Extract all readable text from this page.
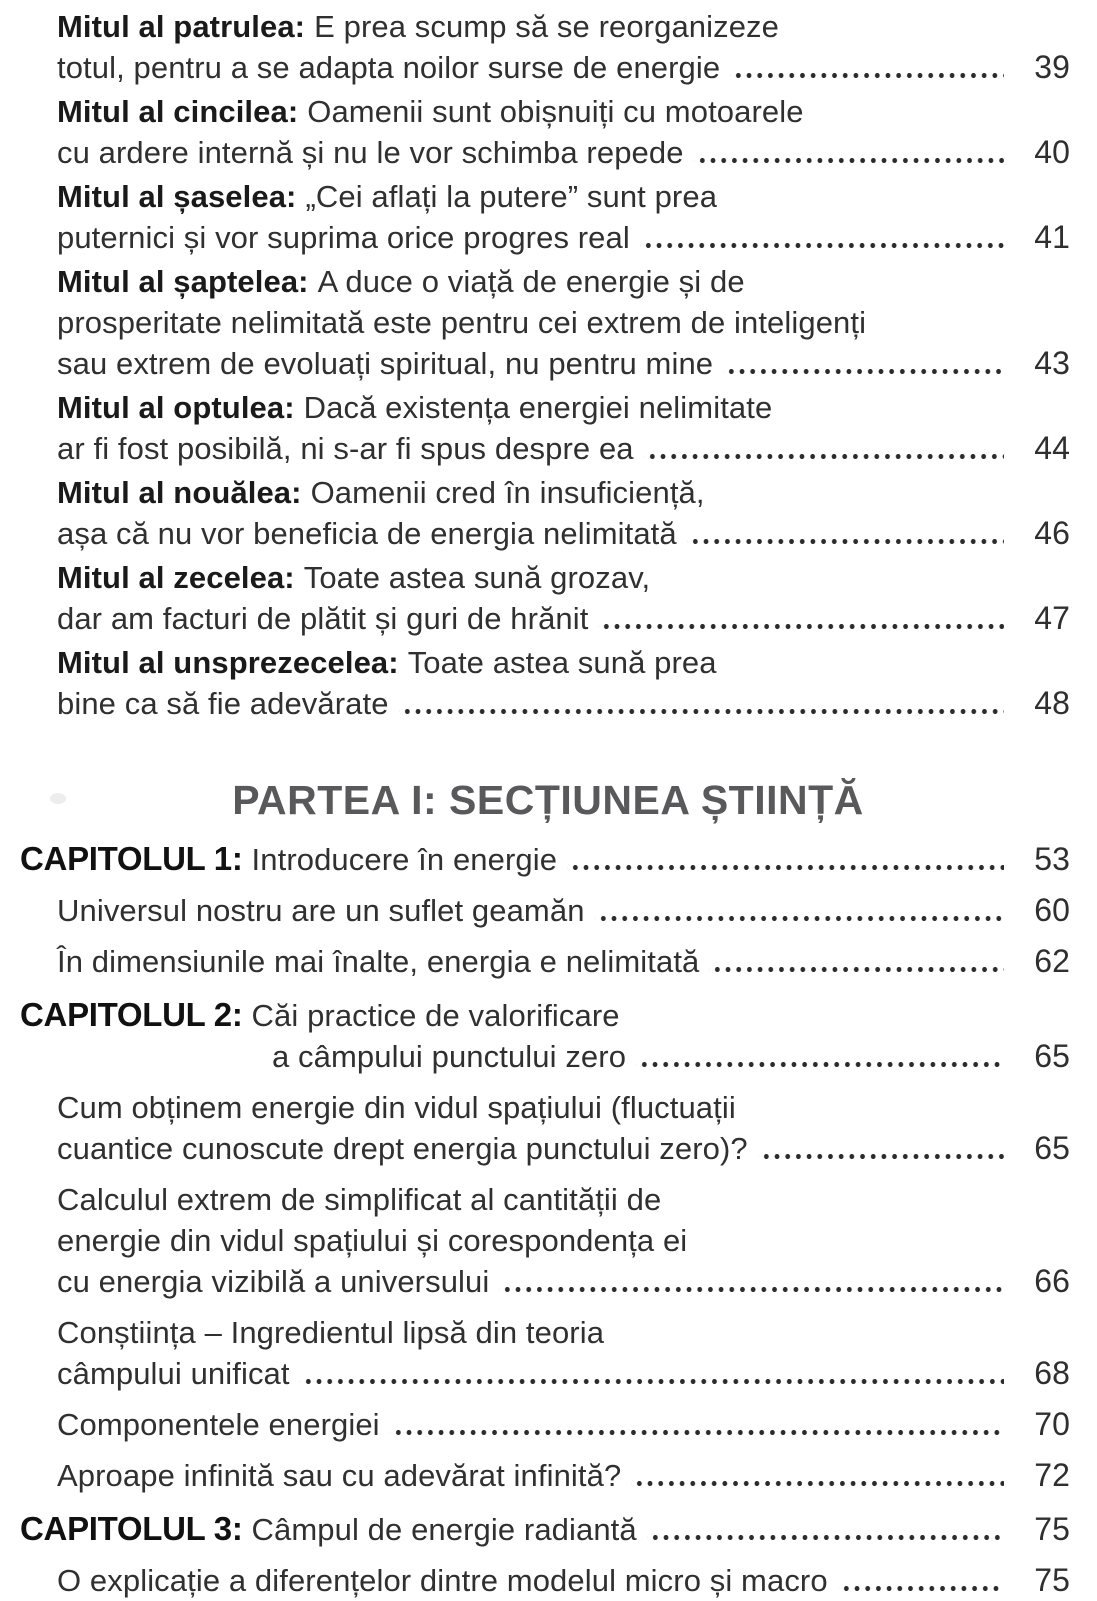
Mitul al patrulea: E prea scump să se reorganizeze
totul, pentru a se adapta noilor surse de energie	39
Mitul al cincilea: Oamenii sunt obișnuiți cu motoarele
cu ardere internă și nu le vor schimba repede	40
Mitul al șaselea: „Cei aflați la putere” sunt prea
puternici și vor suprima orice progres real	41
Mitul al șaptelea: A duce o viață de energie și de
prosperitate nelimitată este pentru cei extrem de inteligenți
sau extrem de evoluați spiritual, nu pentru mine	43
Mitul al optulea: Dacă existența energiei nelimitate
ar fi fost posibilă, ni s-ar fi spus despre ea	44
Mitul al nouălea: Oamenii cred în insuficiență,
așa că nu vor beneficia de energia nelimitată	46
Mitul al zecelea: Toate astea sună grozav,
dar am facturi de plătit și guri de hrănit	47
Mitul al unsprezecelea: Toate astea sună prea
bine ca să fie adevărate	48
PARTEA I: SECȚIUNEA ȘTIINȚĂ
CAPITOLUL 1: Introducere în energie	53
Universul nostru are un suflet geamăn	60
În dimensiunile mai înalte, energia e nelimitată	62
CAPITOLUL 2: Căi practice de valorificare
a câmpului punctului zero	65
Cum obținem energie din vidul spațiului (fluctuații
cuantice cunoscute drept energia punctului zero)?	65
Calculul extrem de simplificat al cantității de
energie din vidul spațiului și corespondența ei
cu energia vizibilă a universului	66
Conștiința – Ingredientul lipsă din teoria
câmpului unificat	68
Componentele energiei	70
Aproape infinită sau cu adevărat infinită?	72
CAPITOLUL 3: Câmpul de energie radiantă	75
O explicație a diferențelor dintre modelul micro și macro	75
